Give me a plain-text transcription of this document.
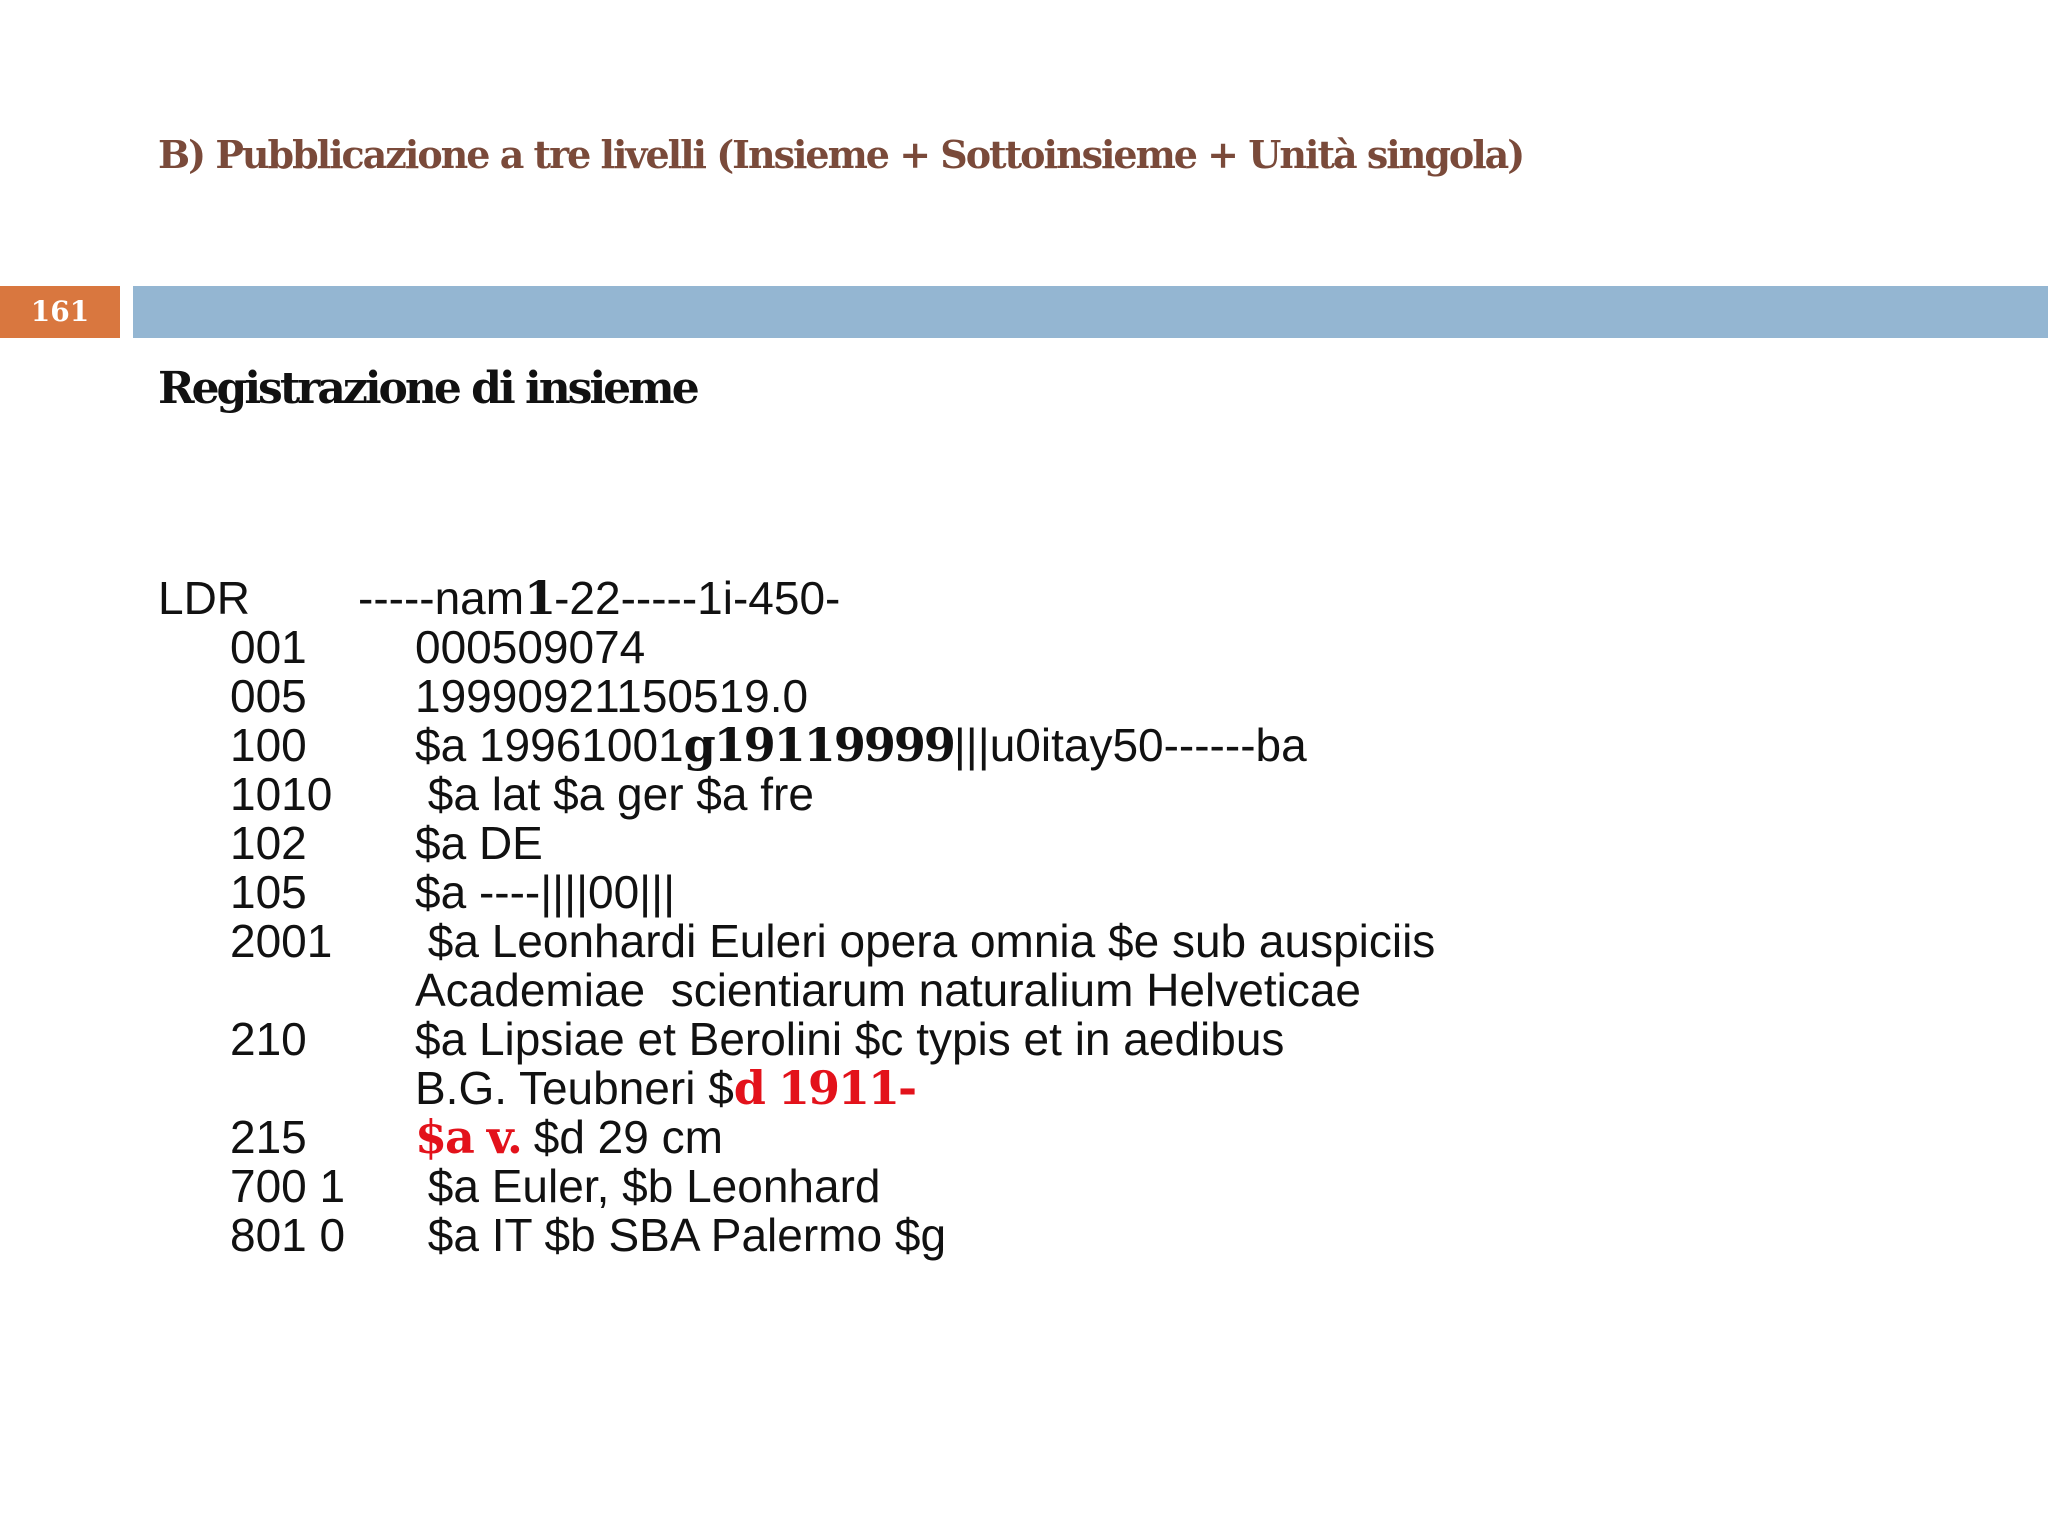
B) Pubblicazione a tre livelli (Insieme + Sottoinsieme + Unità singola)
161
Registrazione di insieme
LDR -----nam1-22-----1i-450-
001 000509074
005 19990921150519.0
100 $a 19961001g19119999|||u0itay50------ba
1010 $a lat $a ger $a fre
102 $a DE
105 $a ----||||00|||
2001 $a Leonhardi Euleri opera omnia $e sub auspiciis
Academiae  scientiarum naturalium Helveticae
210 $a Lipsiae et Berolini $c typis et in aedibus
B.G. Teubneri $d 1911-
215 $a v. $d 29 cm
700 1 $a Euler, $b Leonhard
801 0 $a IT $b SBA Palermo $g
